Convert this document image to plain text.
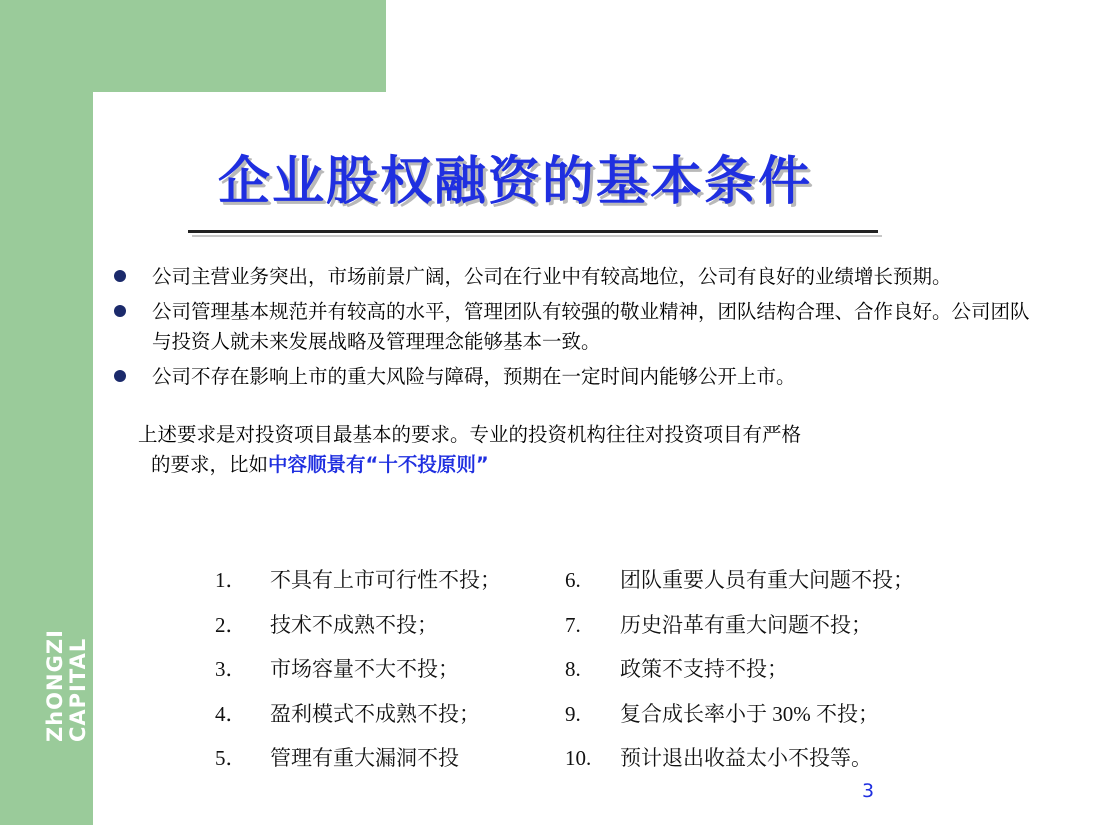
ZhONGZI CAPITAL
企业股权融资的基本条件
公司主营业务突出，市场前景广阔，公司在行业中有较高地位，公司有良好的业绩增长预期。
公司管理基本规范并有较高的水平，管理团队有较强的敬业精神，团队结构合理、合作良好。公司团队与投资人就未来发展战略及管理理念能够基本一致。
公司不存在影响上市的重大风险与障碍，预期在一定时间内能够公开上市。
上述要求是对投资项目最基本的要求。专业的投资机构往往对投资项目有严格
的要求，比如中容顺景有“十不投原则”
1． 不具有上市可行性不投；	6. 团队重要人员有重大问题不投；
2． 技术不成熟不投；	7. 历史沿革有重大问题不投；
3． 市场容量不大不投；	8. 政策不支持不投；
4． 盈利模式不成熟不投；	9. 复合成长率小于 30% 不投；
5． 管理有重大漏洞不投	10. 预计退出收益太小不投等。
3
